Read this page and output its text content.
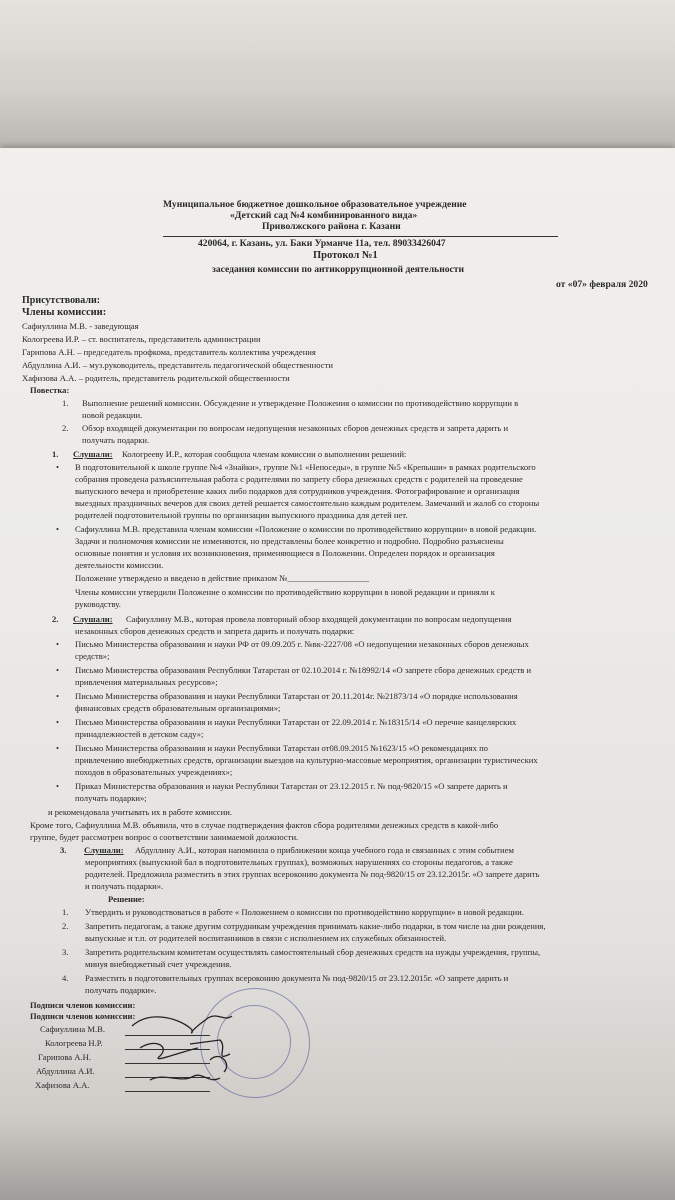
Муниципальное бюджетное дошкольное образовательное учреждение
«Детский сад №4 комбинированного вида»
Приволжского района г. Казани
420064, г. Казань, ул. Баки Урманче 11а, тел. 89033426047
Протокол №1
заседания комиссии по антикоррупционной деятельности
от «07» февраля 2020
Присутствовали:
Члены комиссии:
Сафиуллина М.В. - заведующая
Кологреева И.Р. – ст. воспитатель, представитель администрации
Гарипова А.Н. – председатель профкома, представитель коллектива учреждения
Абдуллина А.И. – муз.руководитель, представитель педагогической общественности
Хафизова А.А. – родитель, представитель родительской общественности
Повестка:
1. Выполнение решений комиссии. Обсуждение и утверждение Положения о комиссии по противодействию коррупции в
новой редакции.
2. Обзор входящей документации по вопросам недопущения незаконных сборов денежных средств и запрета дарить и
получать подарки.
1. Слушали: Кологрееву И.Р., которая сообщила членам комиссии о выполнении решений:
• В подготовительной к школе группе №4 «Знайки», группе №1 «Непоседы», в группе №5 «Крепыши» в рамках родительского
собрания проведена разъяснительная работа с родителями по запрету сбора денежных средств с родителей на проведение
выпускного вечера и приобретение каких либо подарков для сотрудников учреждения. Фотографирование и организация
выездных праздничных вечеров для своих детей решается самостоятельно каждым родителем. Замечаний и жалоб со стороны
родителей подготовительной группы по организации выпускного праздника для детей нет.
• Сафиуллина М.В. представила членам комиссии «Положение о комиссии по противодействию коррупции» в новой редакции.
Задачи и полномочия комиссии не изменяются, но представлены более конкретно и подробно. Подробно разъяснены
основные понятия и условия их возникновения, применяющиеся в Положении. Определен порядок и организация
деятельности комиссии.
Положение утверждено и введено в действие приказом №___________________
Члены комиссии утвердили Положение о комиссии по противодействию коррупции в новой редакции и приняли к
руководству.
2. Слушали: Сафиуллину М.В., которая провела повторный обзор входящей документации по вопросам недопущения
незаконных сборов денежных средств и запрета дарить и получать подарки:
• Письмо Министерства образования и науки РФ от 09.09.205 г. №вк-2227/08 «О недопущении незаконных сборов денежных
средств»;
• Письмо Министерства образования Республики Татарстан от 02.10.2014 г. №18992/14 «О запрете сбора денежных средств и
привлечения материальных ресурсов»;
• Письмо Министерства образования и науки Республики Татарстан от 20.11.2014г. №21873/14 «О порядке использования
финансовых средств образовательным организациями»;
• Письмо Министерства образования и науки Республики Татарстан от 22.09.2014 г. №18315/14 «О перечне канцелярских
принадлежностей в детском саду»;
• Письмо Министерства образования и науки Республики Татарстан от08.09.2015 №1623/15 «О рекомендациях по
привлечению внебюджетных средств, организации выездов на культурно-массовые мероприятия, организации туристических
походов в образовательных учреждениях»;
• Приказ Министерства образования и науки Республики Татарстан от 23.12.2015 г. № под-9820/15 «О запрете дарить и
получать подарки»;
и рекомендовала учитывать их в работе комиссии.
Кроме того, Сафиуллина М.В. объявила, что в случае подтверждения фактов сбора родителями денежных средств в какой-либо
группе, будет рассмотрен вопрос о соответствии занимаемой должности.
3. Слушали: Абдуллину А.И., которая напомнила о приближении конца учебного года и связанных с этим событием
мероприятиях (выпускной бал в подготовительных группах), возможных нарушениях со стороны педагогов, а также
родителей. Предложила разместить в этих группах всероконию документа № под-9820/15 от 23.12.2015г. «О запрете дарить
и получать подарки».
Решение:
1. Утвердить и руководствоваться в работе « Положением о комиссии по противодействию коррупции» в новой редакции.
2. Запретить педагогам, а также другим сотрудникам учреждения принимать какие-либо подарки, в том числе на дни рождения,
выпускные и т.п. от родителей воспитанников в связи с исполнением их служебных обязанностей.
3. Запретить родительским комитетам осуществлять самостоятельный сбор денежных средств на нужды учреждения, группы,
минуя внебюджетный счет учреждения.
4. Разместить в подготовительных группах всероконию документа № под-9820/15 от 23.12.2015г. «О запрете дарить и
получать подарки».
Подписи членов комиссии:
Подписи членов комиссии:
Сафиуллина М.В.
Кологреева Н.Р.
Гарипова А.Н.
Абдуллина А.И.
Хафизова А.А.
